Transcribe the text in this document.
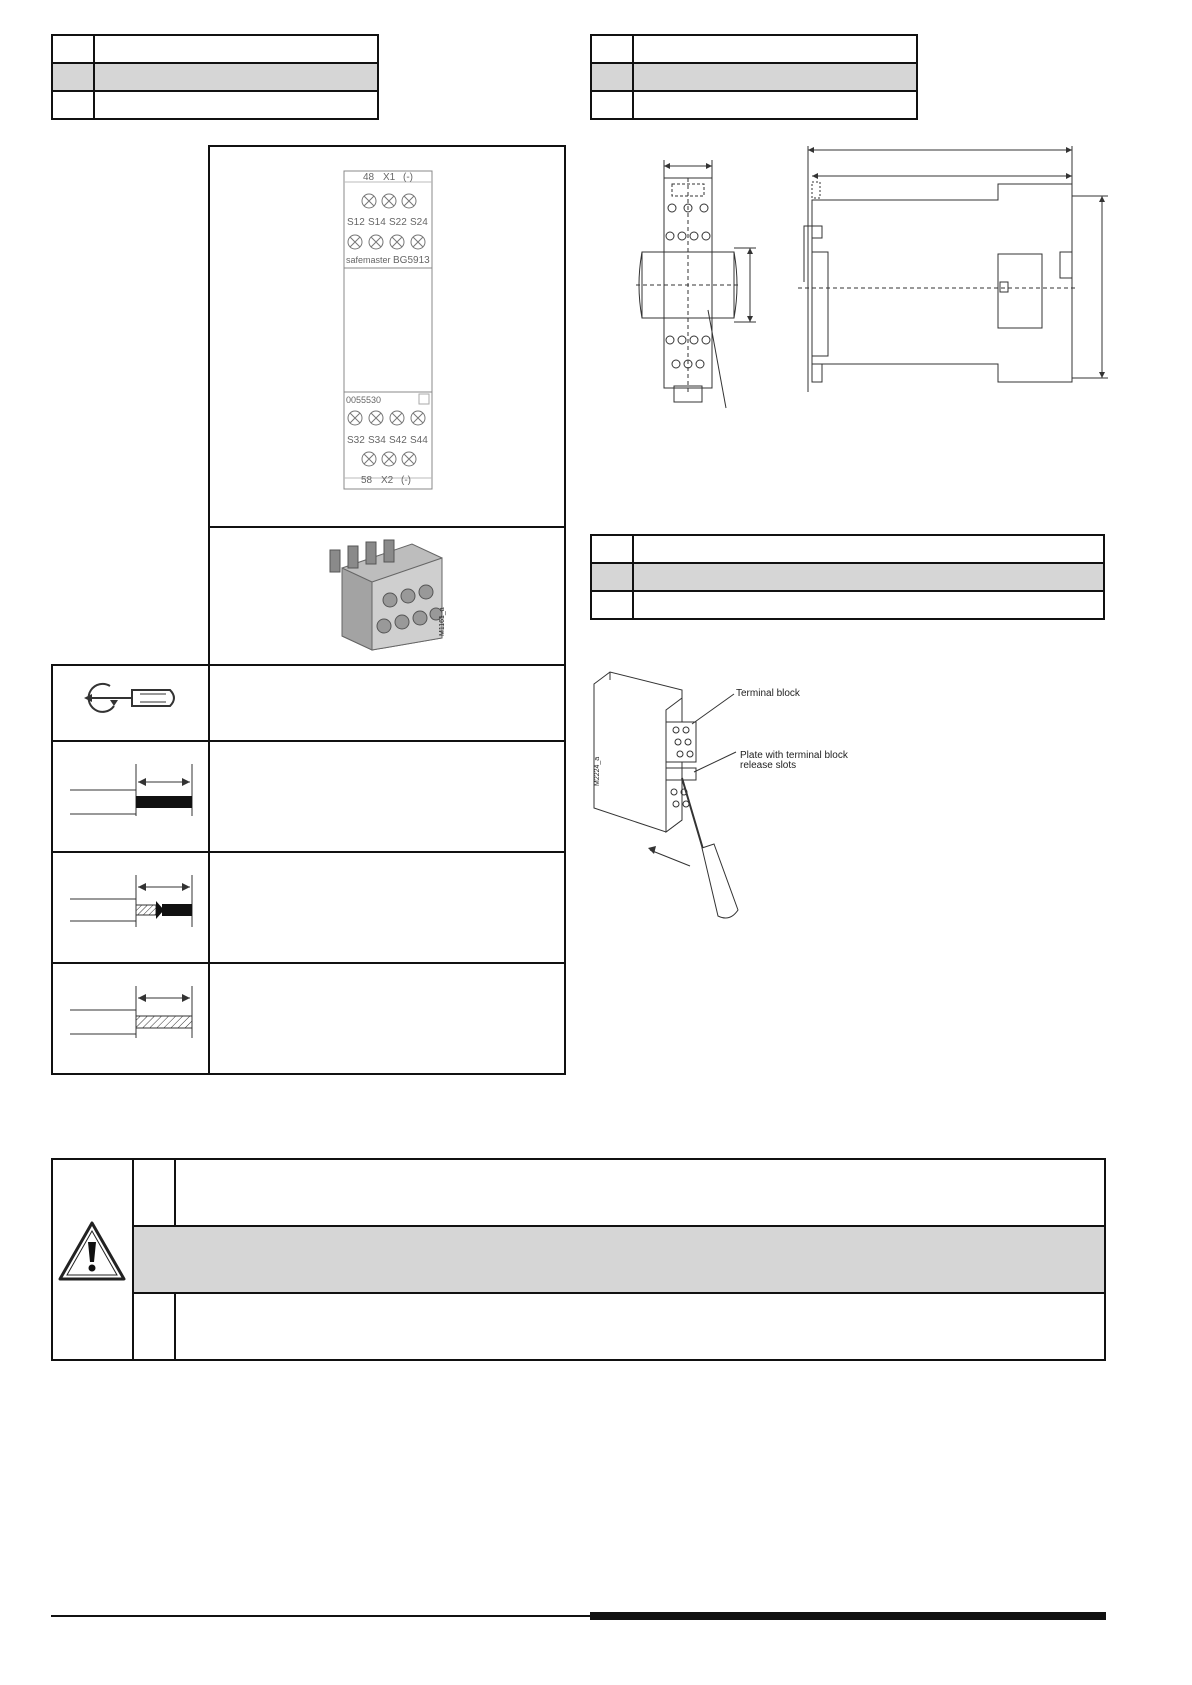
48 X1 (-)
S12 S14 S22 S24
safemaster BG5913
0055530
S32 S34 S42 S44
58 X2 (-)
M1161_a

Terminal block
Plate with terminal block
release slots
M2224_a
